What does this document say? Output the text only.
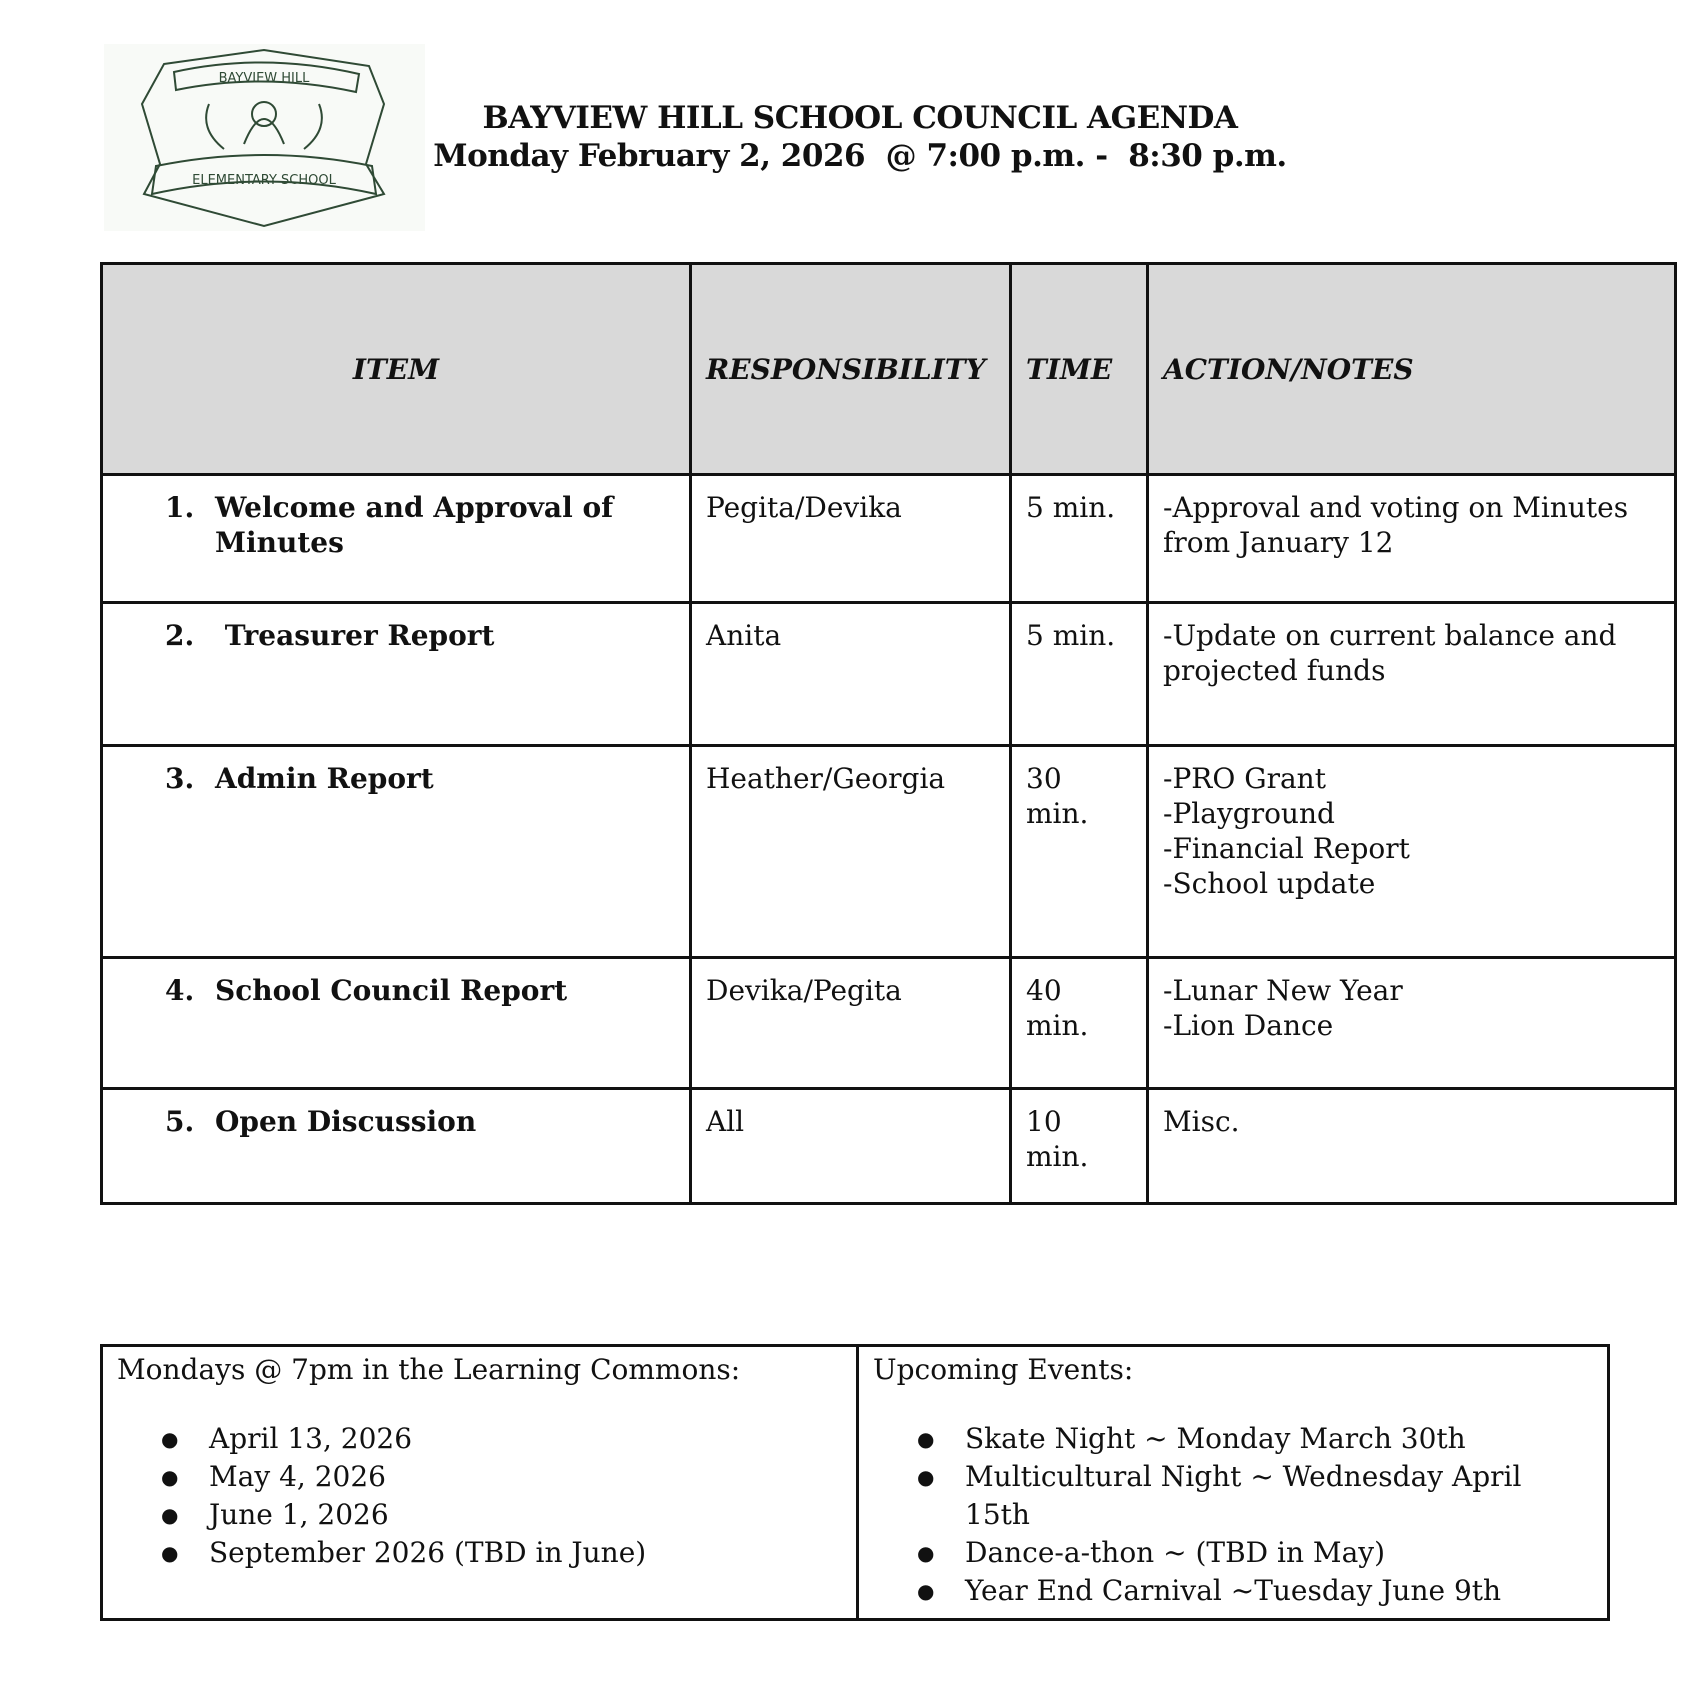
BAYVIEW HILL
ELEMENTARY SCHOOL
BAYVIEW HILL SCHOOL COUNCIL AGENDA
Monday February 2, 2026  @ 7:00 p.m. -  8:30 p.m.
ITEM	RESPONSIBILITY	TIME	ACTION/NOTES

1. Welcome and Approval of Minutes	Pegita/Devika	5 min.	-Approval and voting on Minutes from January 12

2. Treasurer Report	Anita	5 min.	-Update on current balance and projected funds

3. Admin Report	Heather/Georgia	30 min.	-PRO Grant
-Playground
-Financial Report
-School update

4. School Council Report	Devika/Pegita	40 min.	-Lunar New Year
-Lion Dance

5. Open Discussion	All	10 min.	Misc.
Mondays @ 7pm in the Learning Commons:
● April 13, 2026
● May 4, 2026
● June 1, 2026
● September 2026 (TBD in June)
Upcoming Events:
● Skate Night ~ Monday March 30th
● Multicultural Night ~ Wednesday April 15th
● Dance-a-thon ~ (TBD in May)
● Year End Carnival ~Tuesday June 9th
